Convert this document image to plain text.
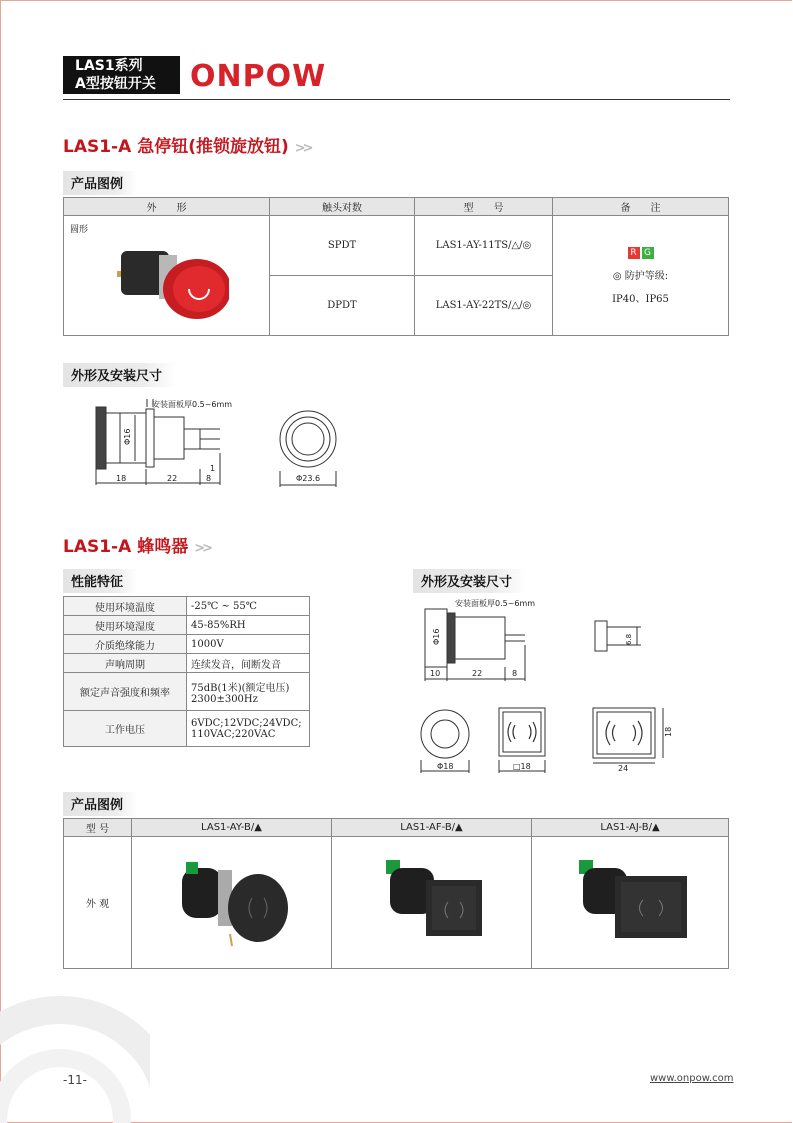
LAS1系列
A型按钮开关	ONPOW
LAS1-A 急停钮(推锁旋放钮) >>
产品图例
外　　形	触头对数	型　　号	备　　注

圆形	SPDT	LAS1-AY-11TS/△/◎	R G
◎ 防护等级:
IP40、IP65

	DPDT	LAS1-AY-22TS/△/◎	
外形及安装尺寸
安装面板厚0.5~6mm
Φ16
18	22	8
1
Φ23.6
LAS1-A 蜂鸣器 >>
性能特征	外形及安装尺寸
使用环境温度	-25℃ ~ 55℃
使用环境湿度	45-85%RH
介质绝缘能力	1000V
声响周期	连续发音，间断发音
额定声音强度和频率	75dB(1米)(额定电压)
2300±300Hz

工作电压	6VDC;12VDC;24VDC;
110VAC;220VAC
安装面板厚0.5~6mm
Φ16
10	22	8
6.8
Φ18	□18	24
18
产品图例
型 号	LAS1-AY-B/▲	LAS1-AF-B/▲	LAS1-AJ-B/▲
外 观			
-11-	www.onpow.com
